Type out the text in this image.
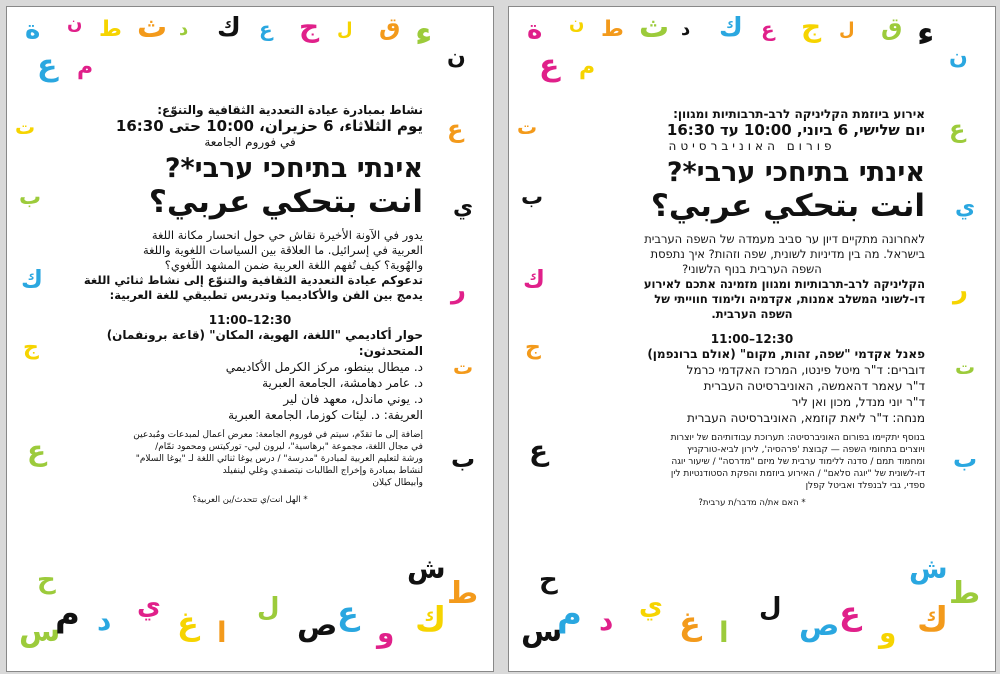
ة ن ط ث د ك ع ج ل ق ء
ن
ع م
ت	ع
ب	ي
ك	ر
ج
ت
ع	ب
س
م د ي غ ا
ل ص ع
و ك
ط
ح	ش
نشاط بمبادرة عيادة التعددية الثقافية والتنوّع:
يوم الثلاثاء، 6 حزيران، 10:00 حتى 16:30
في فوروم الجامعة
אינתי בתיחכי ערבי*?
انت بتحكي عربي؟
يدور في الآونة الأخيرة نقاش حي حول انحسار مكانة اللغة
العربية في إسرائيل. ما العلاقة بين السياسات اللغوية واللغة
والهُوية؟ كيف تُفهم اللغة العربية ضمن المشهد اللُّغوي؟
تدعوكم عيادة التعددية الثقافية والتنوّع إلى نشاط ثنائي اللغة
يدمج بين الفن والأكاديميا وتدريس تطبيقي للغة العربية:
12:30–11:00
حوار أكاديمي "اللغة، الهوية، المكان" (قاعة برونفمان)
المتحدثون:
د. ميطال بينطو، مركز الكرمل الأكاديمي
د. عامر دهامشة، الجامعة العبرية
د. يوني ماندل، معهد فان لير
العريفة: د. ليئات كوزما، الجامعة العبرية
إضافة إلى ما تقدّم، سيتم في فوروم الجامعة: معرض أعمال لمبدعات ومُبدعين
في مجال اللغة، مجموعة "برهاسية"، ليرون ليي- توركيتس ومحمود تمّام/
ورشة لتعليم العربية لمبادرة "مدرسة" / درس يوغا ثنائي اللغة لـ "يوغا السلام"
لنشاط بمبادرة وإخراج الطالبات نيتصفدي وغلي لينفيلد
وأبيطال كيلان
* الهل انت/ي تتحدث/ين العربية؟
ة ن ط ث د ك ع ج ل ق ء
ن
ع م
ت	ع
ب	ي
ك	ر
ج
ت
ع	ب
س
م د ي غ ا
ل ص ع
و ك
ط
ح	ش
אירוע ביוזמת הקליניקה לרב-תרבותיות ומגוון:
יום שלישי, 6 ביוני, 10:00 עד 16:30
פורום האוניברסיטה
אינתי בתיחכי ערבי*?
انت بتحكي عربي؟
לאחרונה מתקיים דיון ער סביב מעמדה של השפה הערבית
בישראל. מה בין מדיניות לשונית, שפה וזהות? איך נתפסת
השפה הערבית בנוף הלשוני?
הקליניקה לרב-תרבותיות ומגוון מזמינה אתכם לאירוע
דו-לשוני המשלב אמנות, אקדמיה ולימוד חווייתי של
השפה הערבית.
12:30–11:00
פאנל אקדמי "שפה, זהות, מקום" (אולם ברונפמן)
דוברים: ד"ר מיטל פינטו, המרכז האקדמי כרמל
ד"ר עאמר דהאמשה, האוניברסיטה העברית
ד"ר יוני מנדל, מכון ואן ליר
מנחה: ד"ר ליאת קוזמא, האוניברסיטה העברית
בנוסף יתקיימו בפורום האוניברסיטה: תערוכת עבודותיהם של יוצרות
ויוצרים בתחומי השפה — קבוצת 'פרהסיה', לירון לביא-טורקניץ
ומחמוד תמם / סדנה ללימוד ערבית של מיזם "מדרסה" / שיעור יוגה
דו-לשונית של "יוגה סלאם" / האירוע ביוזמת והפקת הסטודנטיות לין
ספדי, גבי לבנפלד ואביטל קפלן
* האם את/ה מדבר/ת ערבית?
